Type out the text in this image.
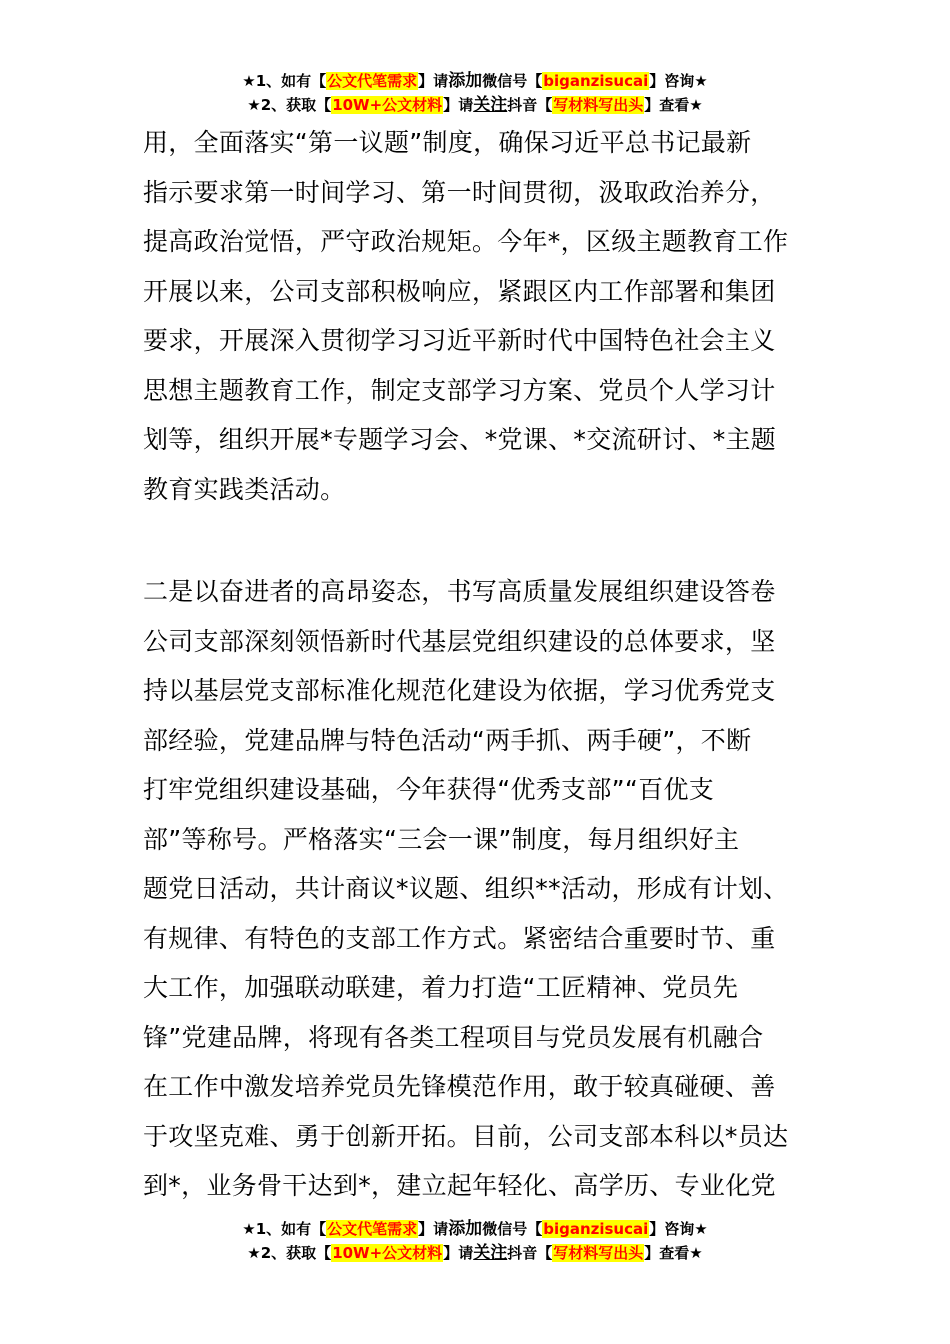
★1、如有【公文代笔需求】请添加微信号【biganzisucai】咨询★
★2、获取【10W+公文材料】请关注抖音【写材料写出头】查看★
用，全面落实“第一议题”制度，确保习近平总书记最新
指示要求第一时间学习、第一时间贯彻，汲取政治养分，
提高政治觉悟，严守政治规矩。今年*，区级主题教育工作
开展以来，公司支部积极响应，紧跟区内工作部署和集团
要求，开展深入贯彻学习习近平新时代中国特色社会主义
思想主题教育工作，制定支部学习方案、党员个人学习计
划等，组织开展*专题学习会、*党课、*交流研讨、*主题
教育实践类活动。
二是以奋进者的高昂姿态，书写高质量发展组织建设答卷
公司支部深刻领悟新时代基层党组织建设的总体要求，坚
持以基层党支部标准化规范化建设为依据，学习优秀党支
部经验，党建品牌与特色活动“两手抓、两手硬”，不断
打牢党组织建设基础，今年获得“优秀支部”“百优支
部”等称号。严格落实“三会一课”制度，每月组织好主
题党日活动，共计商议*议题、组织**活动，形成有计划、
有规律、有特色的支部工作方式。紧密结合重要时节、重
大工作，加强联动联建，着力打造“工匠精神、党员先
锋”党建品牌，将现有各类工程项目与党员发展有机融合
在工作中激发培养党员先锋模范作用，敢于较真碰硬、善
于攻坚克难、勇于创新开拓。目前，公司支部本科以*员达
到*，业务骨干达到*，建立起年轻化、高学历、专业化党
★1、如有【公文代笔需求】请添加微信号【biganzisucai】咨询★
★2、获取【10W+公文材料】请关注抖音【写材料写出头】查看★
